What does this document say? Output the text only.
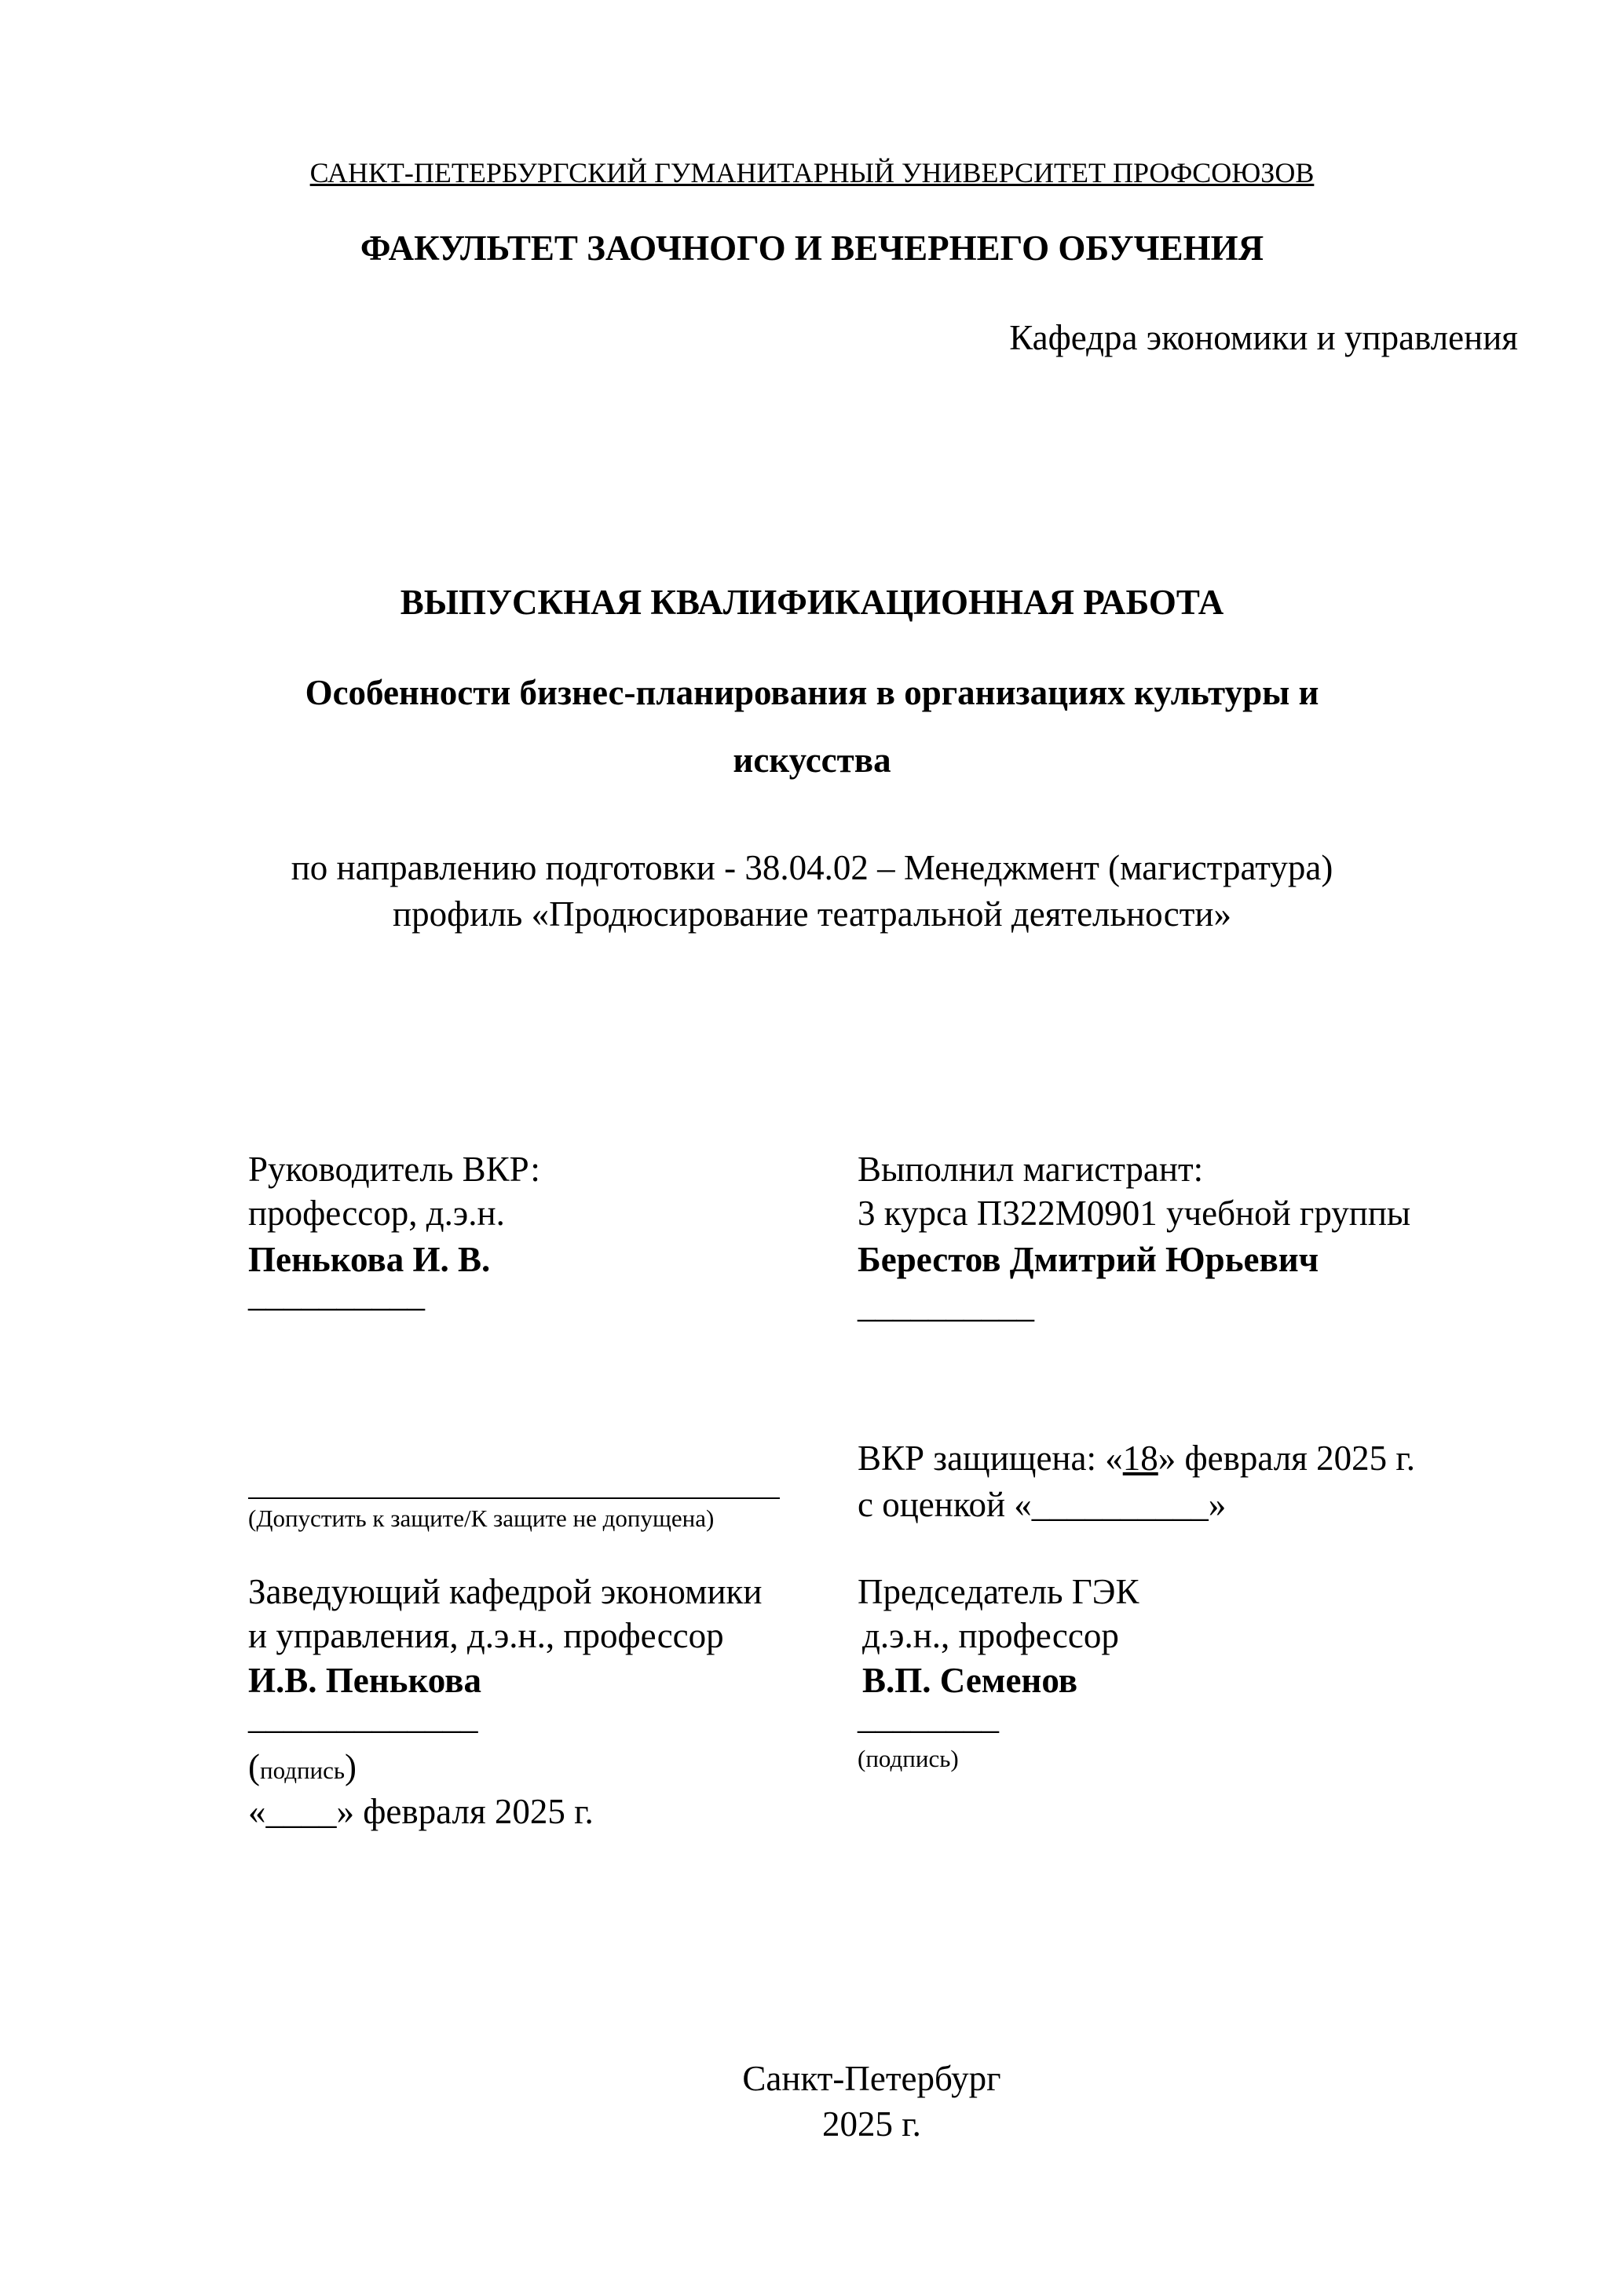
САНКТ-ПЕТЕРБУРГСКИЙ ГУМАНИТАРНЫЙ УНИВЕРСИТЕТ ПРОФСОЮЗОВ
ФАКУЛЬТЕТ ЗАОЧНОГО И ВЕЧЕРНЕГО ОБУЧЕНИЯ
Кафедра экономики и управления
ВЫПУСКНАЯ КВАЛИФИКАЦИОННАЯ РАБОТА
Особенности бизнес-планирования в организациях культуры и
искусства
по направлению подготовки - 38.04.02 – Менеджмент (магистратура)
профиль «Продюсирование театральной деятельности»
Руководитель ВКР:
профессор, д.э.н.
Пенькова И. В.
__________
(Допустить к защите/К защите не допущена)
Заведующий кафедрой экономики
и управления, д.э.н., профессор
И.В. Пенькова
_____________
(подпись)
«____» февраля 2025 г.
Выполнил магистрант:
3 курса П322М0901 учебной группы
Берестов Дмитрий Юрьевич
__________
ВКР защищена: «18» февраля 2025 г.
с оценкой «__________»
Председатель ГЭК
д.э.н., профессор
В.П. Семенов
________
(подпись)
Санкт-Петербург
2025 г.
